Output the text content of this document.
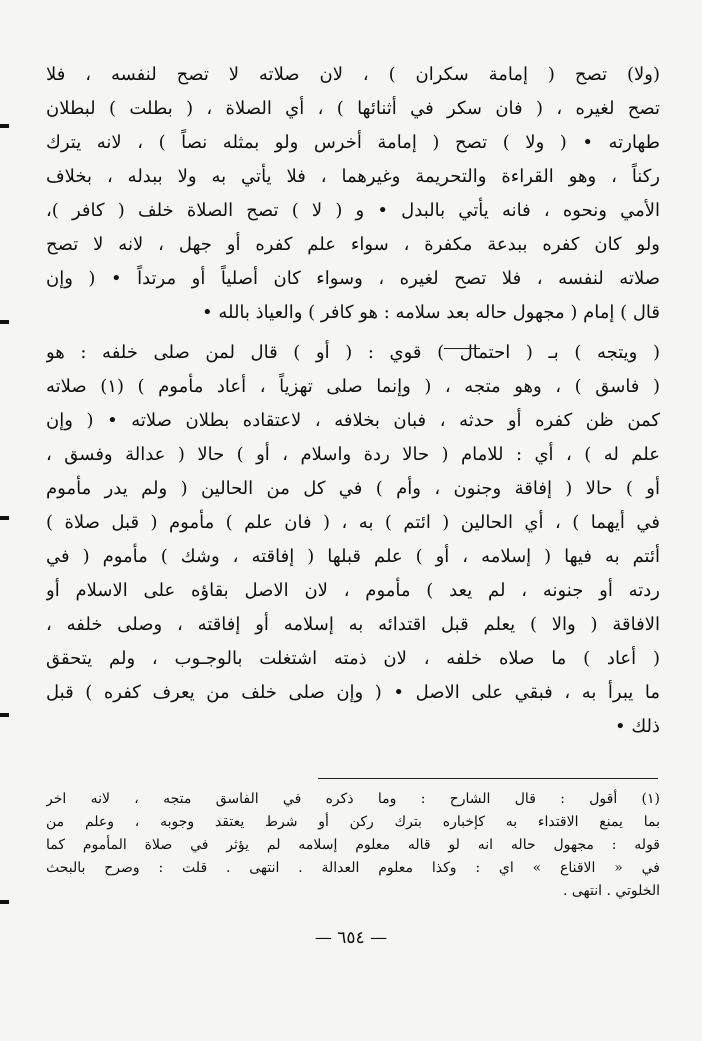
(ولا) تصح ( إمامة سكران ) ، لان صلاته لا تصح لنفسه ، فلا
تصح لغيره ، ( فان سكر في أثنائها ) ، أي الصلاة ، ( بطلت ) لبطلان
طهارته • ( ولا ) تصح ( إمامة أخرس ولو بمثله نصاً ) ، لانه يترك
ركناً ، وهو القراءة والتحريمة وغيرهما ، فلا يأتي به ولا ببدله ، بخلاف
الأمي ونحوه ، فانه يأتي بالبدل • و ( لا ) تصح الصلاة خلف ( كافر )،
ولو كان كفره ببدعة مكفرة ، سواء علم كفره أو جهل ، لانه لا تصح
صلاته لنفسه ، فلا تصح لغيره ، وسواء كان أصلياً أو مرتداً • ( وإن
قال ) إمام ( مجهول حاله بعد سلامه : هو كافر ) والعياذ بالله •
( ويتجه ) بـ ( احتمال ) قوي : ( أو ) قال لمن صلى خلفه : هو
( فاسق ) ، وهو متجه ، ( وإنما صلى تهزياً ، أعاد مأموم ) (١) صلاته
كمن ظن كفره أو حدثه ، فبان بخلافه ، لاعتقاده بطلان صلاته • ( وإن
علم له ) ، أي : للامام ( حالا ردة واسلام ، أو ) حالا ( عدالة وفسق ،
أو ) حالا ( إفاقة وجنون ، وأم ) في كل من الحالين ( ولم يدر مأموم
في أيهما ) ، أي الحالين ( ائتم ) به ، ( فان علم ) مأموم ( قبل صلاة )
أئتم به فيها ( إسلامه ، أو ) علم قبلها ( إفاقته ، وشك ) مأموم ( في
ردته أو جنونه ، لم يعد ) مأموم ، لان الاصل بقاؤه على الاسلام أو
الافاقة ( والا ) يعلم قبل اقتدائه به إسلامه أو إفاقته ، وصلى خلفه ،
( أعاد ) ما صلاه خلفه ، لان ذمته اشتغلت بالوجـوب ، ولم يتحقق
ما يبرأ به ، فبقي على الاصل • ( وإن صلى خلف من يعرف كفره ) قبل
ذلك •
(١) أقول : قال الشارح : وما ذكره في الفاسق متجه ، لانه اخر
بما يمنع الاقتداء به كإخباره بترك ركن أو شرط يعتقد وجوبه ، وعلم من
قوله : مجهول حاله انه لو قاله معلوم إسلامه لم يؤثر في صلاة المأموم كما
في « الاقناع » اي : وكذا معلوم العدالة . انتهى . قلت : وصرح بالبحث
الخلوتي . انتهى .
— ٦٥٤ —
